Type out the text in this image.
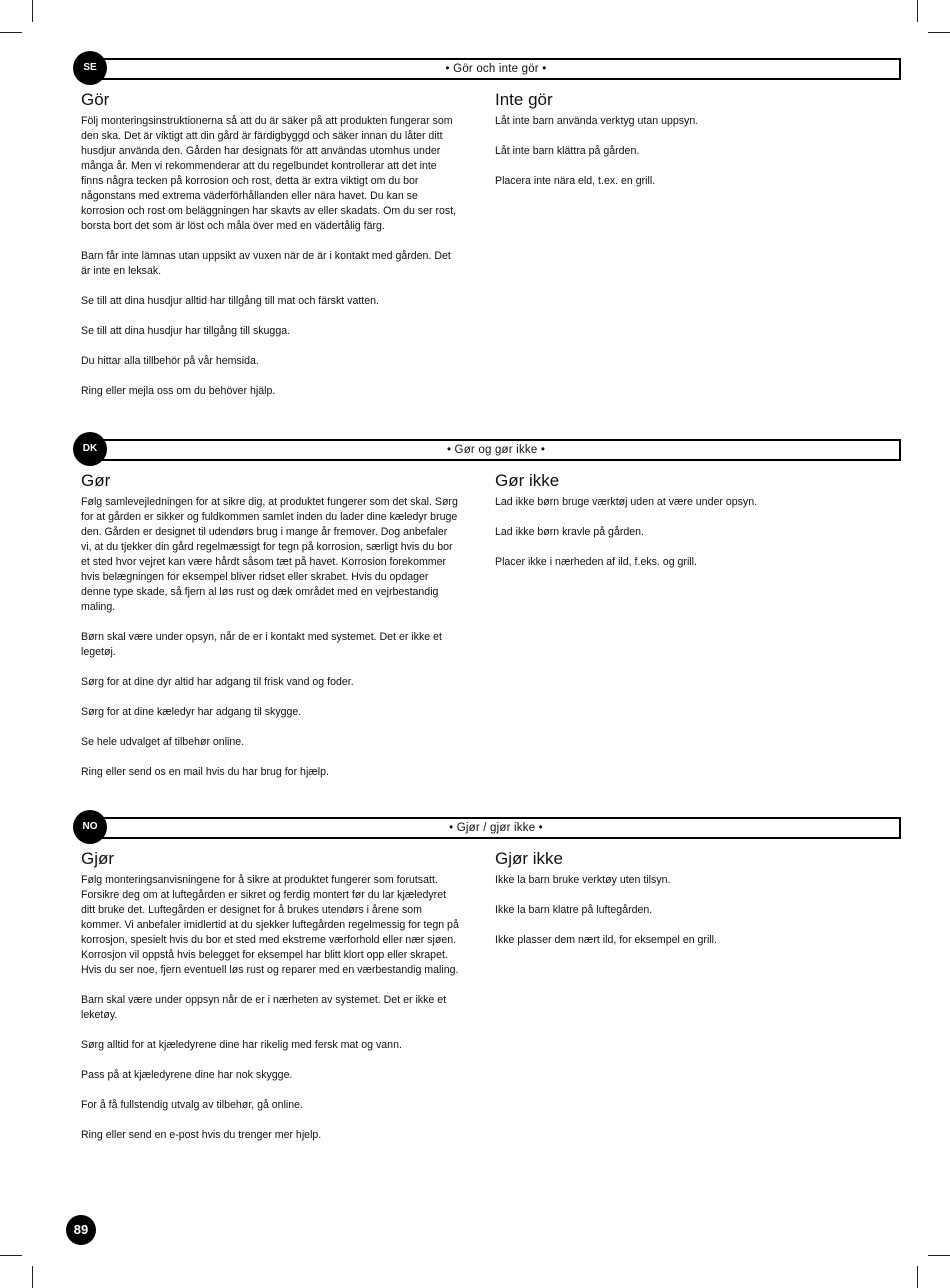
• Gör och inte gör •
SE
Gör

Följ monteringsinstruktionerna så att du är säker på att produkten fungerar som den ska. Det är viktigt att din gård är färdigbyggd och säker innan du låter ditt husdjur använda den. Gården har designats för att användas utomhus under många år. Men vi rekommenderar att du regelbundet kontrollerar att det inte finns några tecken på korrosion och rost, detta är extra viktigt om du bor någonstans med extrema väderförhållanden eller nära havet. Du kan se korrosion och rost om beläggningen har skavts av eller skadats. Om du ser rost, borsta bort det som är löst och måla över med en vädertålig färg.

Barn får inte lämnas utan uppsikt av vuxen när de är i kontakt med gården. Det är inte en leksak.

Se till att dina husdjur alltid har tillgång till mat och färskt vatten.

Se till att dina husdjur har tillgång till skugga.

Du hittar alla tillbehör på vår hemsida.

Ring eller mejla oss om du behöver hjälp.

Inte gör

Låt inte barn använda verktyg utan uppsyn.

Låt inte barn klättra på gården.

Placera inte nära eld, t.ex. en grill.

• Gør og gør ikke •
DK
Gør

Følg samlevejledningen for at sikre dig, at produktet fungerer som det skal. Sørg for at gården er sikker og fuldkommen samlet inden du lader dine kæledyr bruge den. Gården er designet til udendørs brug i mange år fremover. Dog anbefaler vi, at du tjekker din gård regelmæssigt for tegn på korrosion, særligt hvis du bor et sted hvor vejret kan være hårdt såsom tæt på havet. Korrosion forekommer hvis belægningen for eksempel bliver ridset eller skrabet. Hvis du opdager denne type skade, så fjern al løs rust og dæk området med en vejrbestandig maling.

Børn skal være under opsyn, når de er i kontakt med systemet. Det er ikke et legetøj.

Sørg for at dine dyr altid har adgang til frisk vand og foder.

Sørg for at dine kæledyr har adgang til skygge.

Se hele udvalget af tilbehør online.

Ring eller send os en mail hvis du har brug for hjælp.

Gør ikke

Lad ikke børn bruge værktøj uden at være under opsyn.

Lad ikke børn kravle på gården.

Placer ikke i nærheden af ild, f.eks. og grill.

• Gjør / gjør ikke •
NO
Gjør

Følg monteringsanvisningene for å sikre at produktet fungerer som forutsatt. Forsikre deg om at luftegården er sikret og ferdig montert før du lar kjæledyret ditt bruke det. Luftegården er designet for å brukes utendørs i årene som kommer. Vi anbefaler imidlertid at du sjekker luftegården regelmessig for tegn på korrosjon, spesielt hvis du bor et sted med ekstreme værforhold eller nær sjøen. Korrosjon vil oppstå hvis belegget for eksempel har blitt klort opp eller skrapet. Hvis du ser noe, fjern eventuell løs rust og reparer med en værbestandig maling.

Barn skal være under oppsyn når de er i nærheten av systemet. Det er ikke et leketøy.

Sørg alltid for at kjæledyrene dine har rikelig med fersk mat og vann.

Pass på at kjæledyrene dine har nok skygge.

For å få fullstendig utvalg av tilbehør, gå online.

Ring eller send en e-post hvis du trenger mer hjelp.

Gjør ikke

Ikke la barn bruke verktøy uten tilsyn.

Ikke la barn klatre på luftegården.

Ikke plasser dem nært ild, for eksempel en grill.

89
